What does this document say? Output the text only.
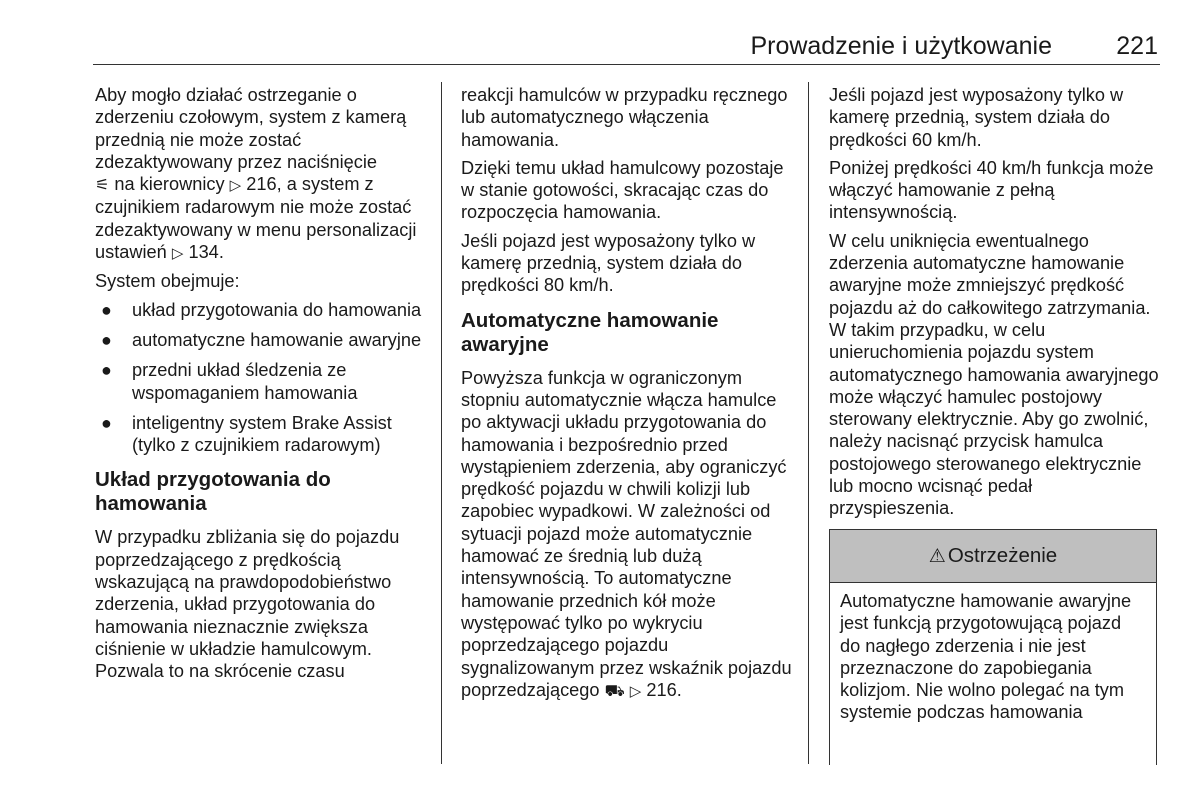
Prowadzenie i użytkowanie	221

Aby mogło działać ostrzeganie o zderzeniu czołowym, system z kamerą przednią nie może zostać zdezaktywowany przez naciśnięcie
⚟ na kierownicy ▷ 216, a system z czujnikiem radarowym nie może zostać zdezaktywowany w menu personalizacji ustawień ▷ 134.

System obejmuje:

● układ przygotowania do hamowania
● automatyczne hamowanie awaryjne
● przedni układ śledzenia ze wspomaganiem hamowania
● inteligentny system Brake Assist (tylko z czujnikiem radarowym)
Układ przygotowania do hamowania

W przypadku zbliżania się do pojazdu poprzedzającego z prędkością wskazującą na prawdopodobieństwo zderzenia, układ przygotowania do hamowania nieznacznie zwiększa ciśnienie w układzie hamulcowym. Pozwala to na skrócenie czasu

reakcji hamulców w przypadku ręcznego lub automatycznego włączenia hamowania.

Dzięki temu układ hamulcowy pozostaje w stanie gotowości, skracając czas do rozpoczęcia hamowania.

Jeśli pojazd jest wyposażony tylko w kamerę przednią, system działa do prędkości 80 km/h.

Automatyczne hamowanie awaryjne

Powyższa funkcja w ograniczonym stopniu automatycznie włącza hamulce po aktywacji układu przygotowania do hamowania i bezpośrednio przed wystąpieniem zderzenia, aby ograniczyć prędkość pojazdu w chwili kolizji lub zapobiec wypadkowi. W zależności od sytuacji pojazd może automatycznie hamować ze średnią lub dużą intensywnością. To automatyczne hamowanie przednich kół może występować tylko po wykryciu poprzedzającego pojazdu sygnalizowanym przez wskaźnik pojazdu poprzedzającego ⛟ ▷ 216.

Jeśli pojazd jest wyposażony tylko w kamerę przednią, system działa do prędkości 60 km/h.

Poniżej prędkości 40 km/h funkcja może włączyć hamowanie z pełną intensywnością.

W celu uniknięcia ewentualnego zderzenia automatyczne hamowanie awaryjne może zmniejszyć prędkość pojazdu aż do całkowitego zatrzymania. W takim przypadku, w celu unieruchomienia pojazdu system automatycznego hamowania awaryjnego może włączyć hamulec postojowy sterowany elektrycznie. Aby go zwolnić, należy nacisnąć przycisk hamulca postojowego sterowanego elektrycznie lub mocno wcisnąć pedał przyspieszenia.

⚠ Ostrzeżenie
Automatyczne hamowanie awaryjne jest funkcją przygotowującą pojazd do nagłego zderzenia i nie jest przeznaczone do zapobiegania kolizjom. Nie wolno polegać na tym systemie podczas hamowania
